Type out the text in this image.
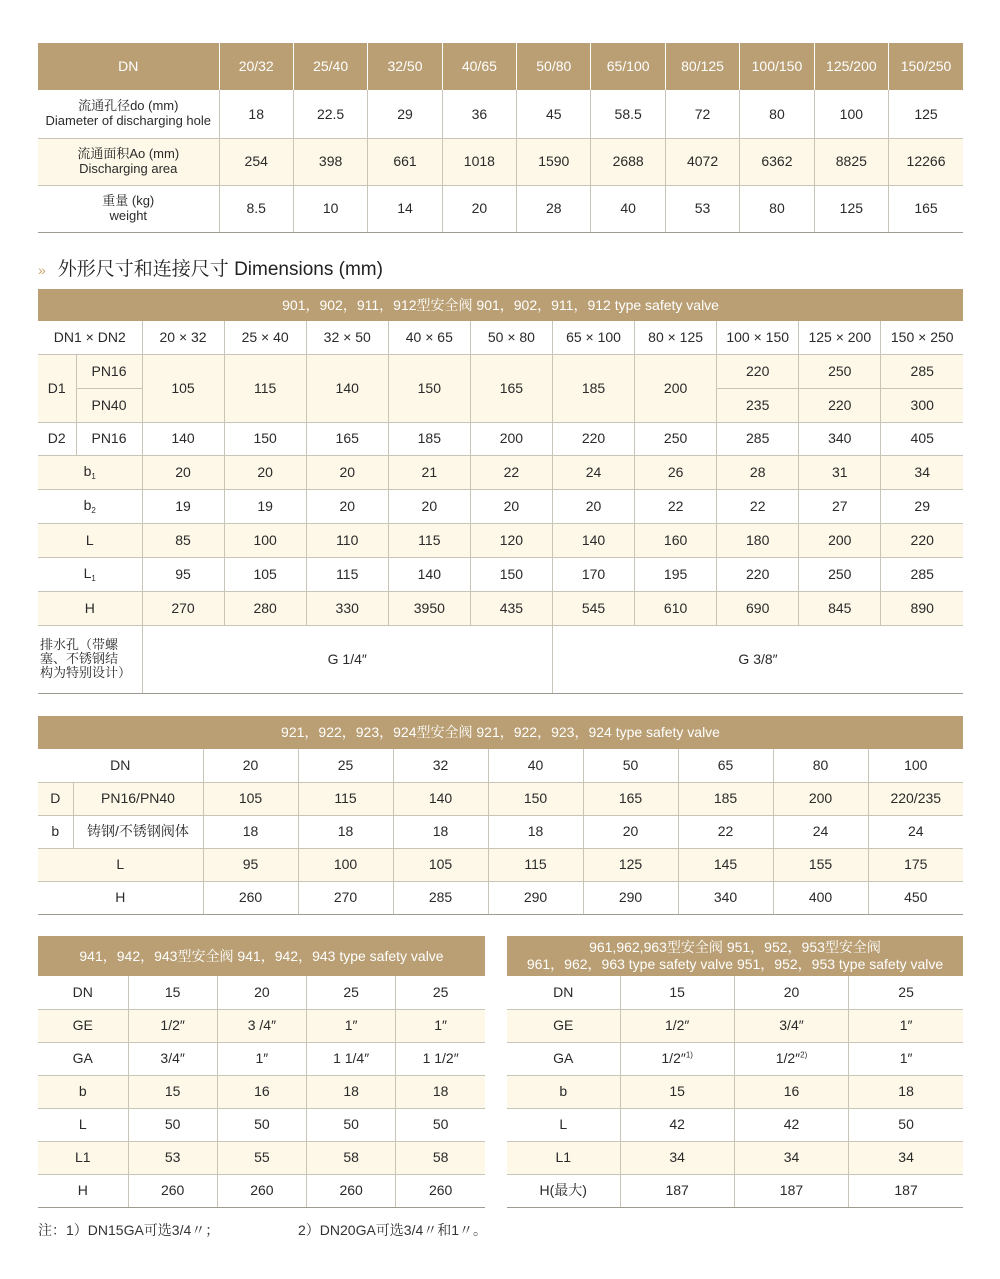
DN	20/32	25/40	32/50	40/65	50/80	65/100	80/125	100/150	125/200	150/250
流通孔径do (mm)
Diameter of discharging hole	18	22.5	29	36	45	58.5	72	80	100	125
流通面积Ao (mm)
Discharging area	254	398	661	1018	1590	2688	4072	6362	8825	12266
重量 (kg)
weight	8.5	10	14	20	28	40	53	80	125	165
» 外形尺寸和连接尺寸 Dimensions (mm)
901，902，911，912型安全阀 901，902，911，912 type safety valve											
DN1 × DN2		20 × 32	25 × 40	32 × 50	40 × 65	50 × 80	65 × 100	80 × 125	100 × 150	125 × 200	150 × 250
D1	PN16	105	115	140	150	165	185	200	220	250	285
	PN40								235	220	300
D2	PN16	140	150	165	185	200	220	250	285	340	405
$b_1$		20	20	20	21	22	24	26	28	31	34
$b_2$		19	19	20	20	20	20	22	22	27	29
L		85	100	110	115	120	140	160	180	200	220
$L_1$		95	105	115	140	150	170	195	220	250	285
H		270	280	330	3950	435	545	610	690	845	890
排水孔（带螺
塞、不锈钢结
构为特别设计）		G 1/4″					G 3/8″				
921，922，923，924型安全阀 921，922，923，924 type safety valve									
DN		20	25	32	40	50	65	80	100
D	PN16/PN40	105	115	140	150	165	185	200	220/235
b	铸钢/不锈钢阀体	18	18	18	18	20	22	24	24
L		95	100	105	115	125	145	155	175
H		260	270	285	290	290	340	400	450
941，942，943型安全阀 941，942，943 type safety valve				
DN	15	20	25	25
GE	1/2″	3 /4″	1″	1″
GA	3/4″	1″	1 1/4″	1 1/2″
b	15	16	18	18
L	50	50	50	50
L1	53	55	58	58
H	260	260	260	260
961,962,963型安全阀 951，952，953型安全阀
961，962，963 type safety valve 951，952，953 type safety valve			
DN	15	20	25
GE	1/2″	3/4″	1″
GA	1/2″$^{1)}$	1/2″$^{2)}$	1″
b	15	16	18
L	42	42	50
L1	34	34	34
H(最大)	187	187	187
注：1）DN15GA可选3/4〃；	2）DN20GA可选3/4〃和1〃。
